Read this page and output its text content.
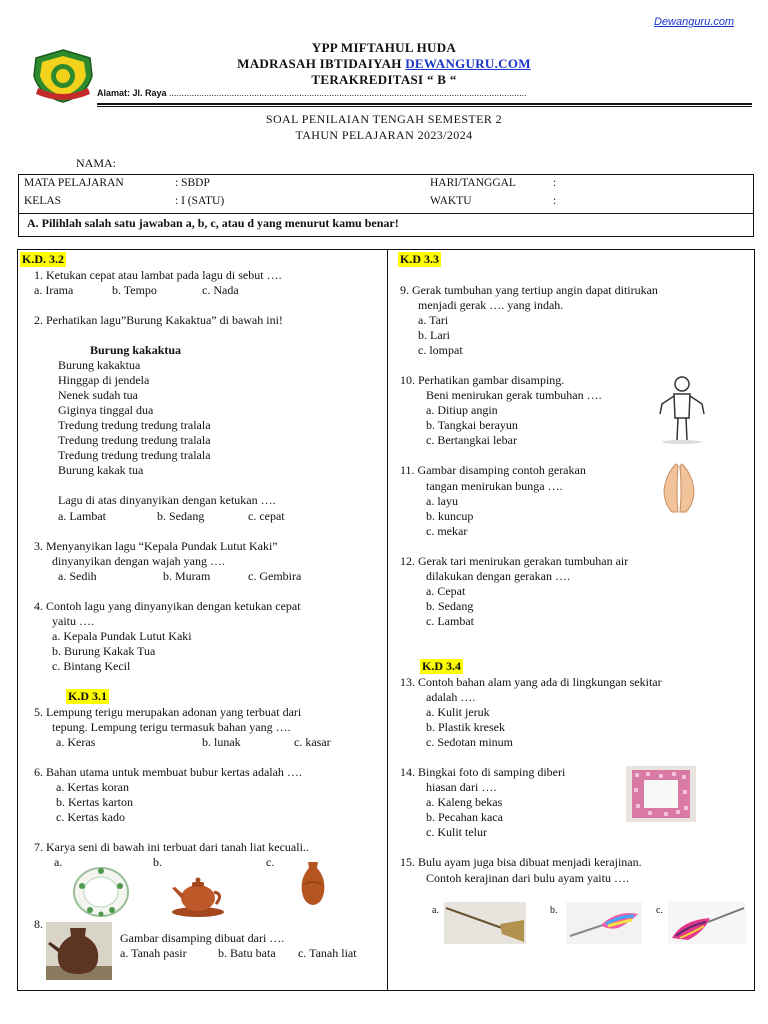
Dewanguru.com
YPP MIFTAHUL HUDA
MADRASAH IBTIDAIYAH DEWANGURU.COM
TERAKREDITASI “ B “
Alamat: Jl. Raya ...............................................................................................................................................
SOAL PENILAIAN TENGAH SEMESTER 2
TAHUN PELAJARAN 2023/2024
NAMA:
MATA PELAJARAN	: SBDP	HARI/TANGGAL	:
KELAS	: I (SATU)	WAKTU	:
A. Pilihlah salah satu jawaban a, b, c, atau d yang menurut kamu benar!
K.D. 3.2
1. Ketukan cepat atau lambat pada lagu di sebut ….
a. Irama	b. Tempo	c. Nada
2. Perhatikan lagu”Burung Kakaktua” di bawah ini!
Burung kakaktua
Burung kakaktua
Hinggap di jendela
Nenek sudah tua
Giginya tinggal dua
Tredung tredung tredung tralala
Tredung tredung tredung tralala
Tredung tredung tredung tralala
Burung kakak tua
Lagu di atas dinyanyikan dengan ketukan ….
a. Lambat	b. Sedang	c. cepat
3. Menyanyikan lagu “Kepala Pundak Lutut Kaki”
dinyanyikan dengan wajah yang ….
a. Sedih	b. Muram	c. Gembira
4. Contoh lagu yang dinyanyikan dengan ketukan cepat
yaitu ….
a. Kepala Pundak Lutut Kaki
b. Burung Kakak Tua
c. Bintang Kecil
K.D 3.1
5. Lempung terigu merupakan adonan yang terbuat dari
tepung. Lempung terigu termasuk bahan yang ….
a. Keras	b. lunak	c. kasar
6. Bahan utama untuk membuat bubur kertas adalah ….
a. Kertas koran
b. Kertas karton
c. Kertas kado
7. Karya seni di bawah ini terbuat dari tanah liat kecuali..
a.	b.	c.
8.
Gambar disamping dibuat dari ….
a. Tanah pasir	b. Batu bata c. Tanah liat
K.D 3.3
9. Gerak tumbuhan yang tertiup angin dapat ditirukan
menjadi gerak …. yang indah.
a. Tari
b. Lari
c. lompat
10. Perhatikan gambar disamping.
Beni menirukan gerak tumbuhan ….
a. Ditiup angin
b. Tangkai berayun
c. Bertangkai lebar
11. Gambar disamping contoh gerakan
tangan menirukan bunga ….
a. layu
b. kuncup
c. mekar
12. Gerak tari menirukan gerakan tumbuhan air
dilakukan dengan gerakan ….
a. Cepat
b. Sedang
c. Lambat
K.D 3.4
13. Contoh bahan alam yang ada di lingkungan sekitar
adalah ….
a. Kulit jeruk
b. Plastik kresek
c. Sedotan minum
14. Bingkai foto di samping diberi
hiasan dari ….
a. Kaleng bekas
b. Pecahan kaca
c. Kulit telur
15. Bulu ayam juga bisa dibuat menjadi kerajinan.
Contoh kerajinan dari bulu ayam yaitu ….
a.	b.	c.
